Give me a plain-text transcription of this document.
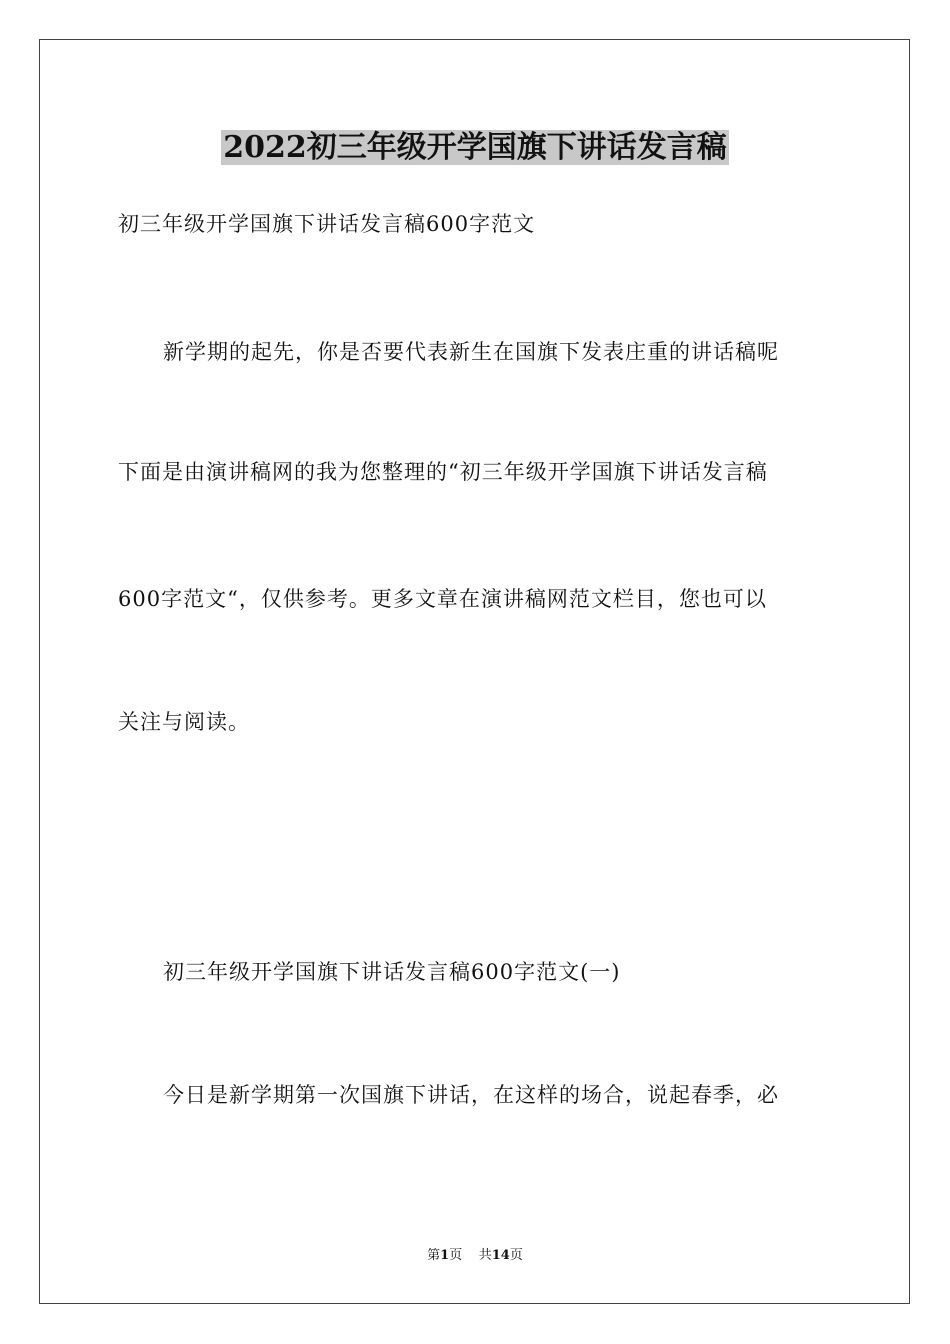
2022初三年级开学国旗下讲话发言稿
初三年级开学国旗下讲话发言稿600字范文
新学期的起先，你是否要代表新生在国旗下发表庄重的讲话稿呢
下面是由演讲稿网的我为您整理的“初三年级开学国旗下讲话发言稿
600字范文“，仅供参考。更多文章在演讲稿网范文栏目，您也可以
关注与阅读。
初三年级开学国旗下讲话发言稿600字范文(一)
今日是新学期第一次国旗下讲话，在这样的场合，说起春季，必
第1页 共14页
